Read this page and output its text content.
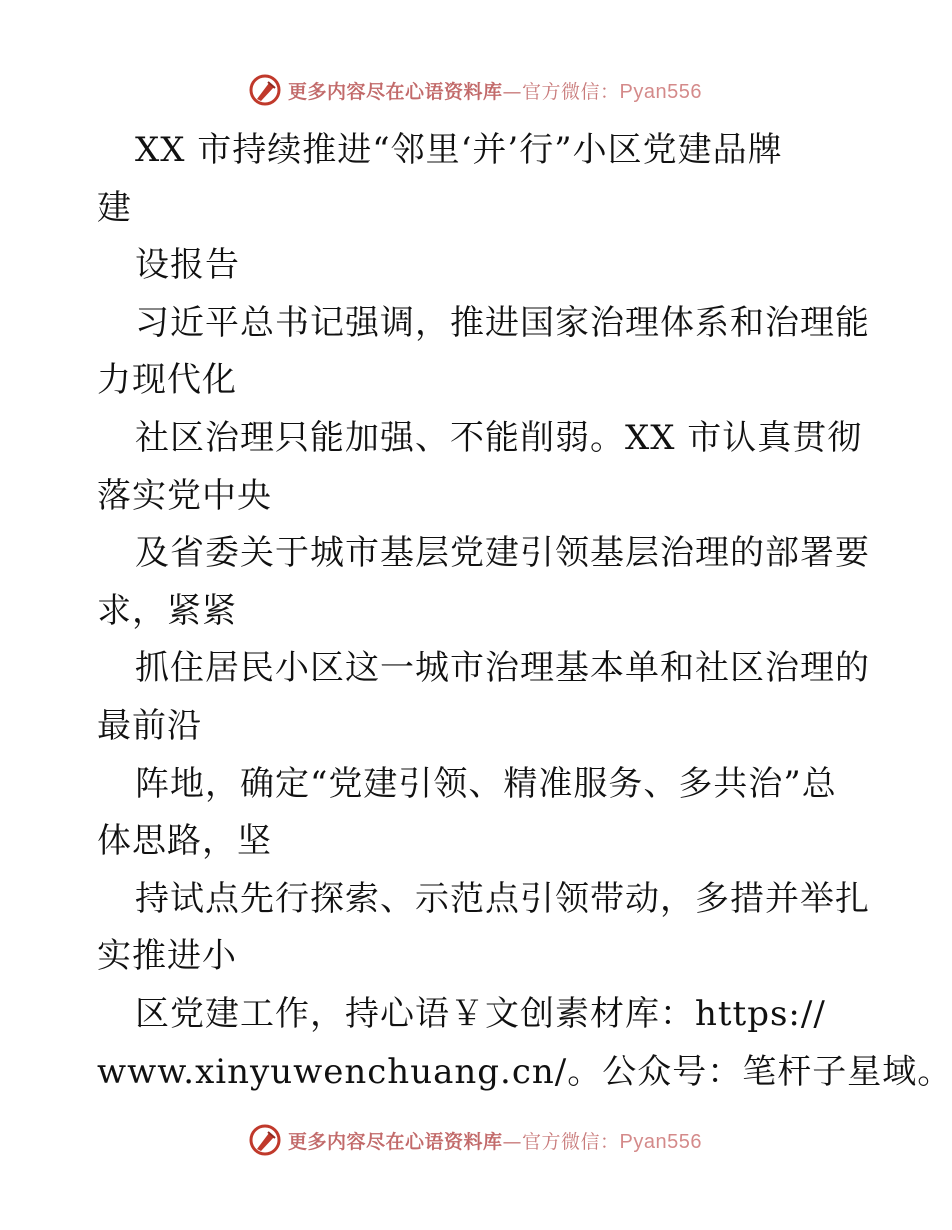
更多内容尽在心语资料库—官方微信：Pyan556
XX 市持续推进“邻里‘并’行”小区党建品牌
建
设报告
习近平总书记强调，推进国家治理体系和治理能
力现代化
社区治理只能加强、不能削弱。XX 市认真贯彻
落实党中央
及省委关于城市基层党建引领基层治理的部署要
求，紧紧
抓住居民小区这一城市治理基本单和社区治理的
最前沿
阵地，确定“党建引领、精准服务、多共治”总
体思路，坚
持试点先行探索、示范点引领带动，多措并举扎
实推进小
区党建工作，持心语￥文创素材库：https://
www.xinyuwenchuang.cn/。公众号：笔杆子星域。
更多内容尽在心语资料库—官方微信：Pyan556
